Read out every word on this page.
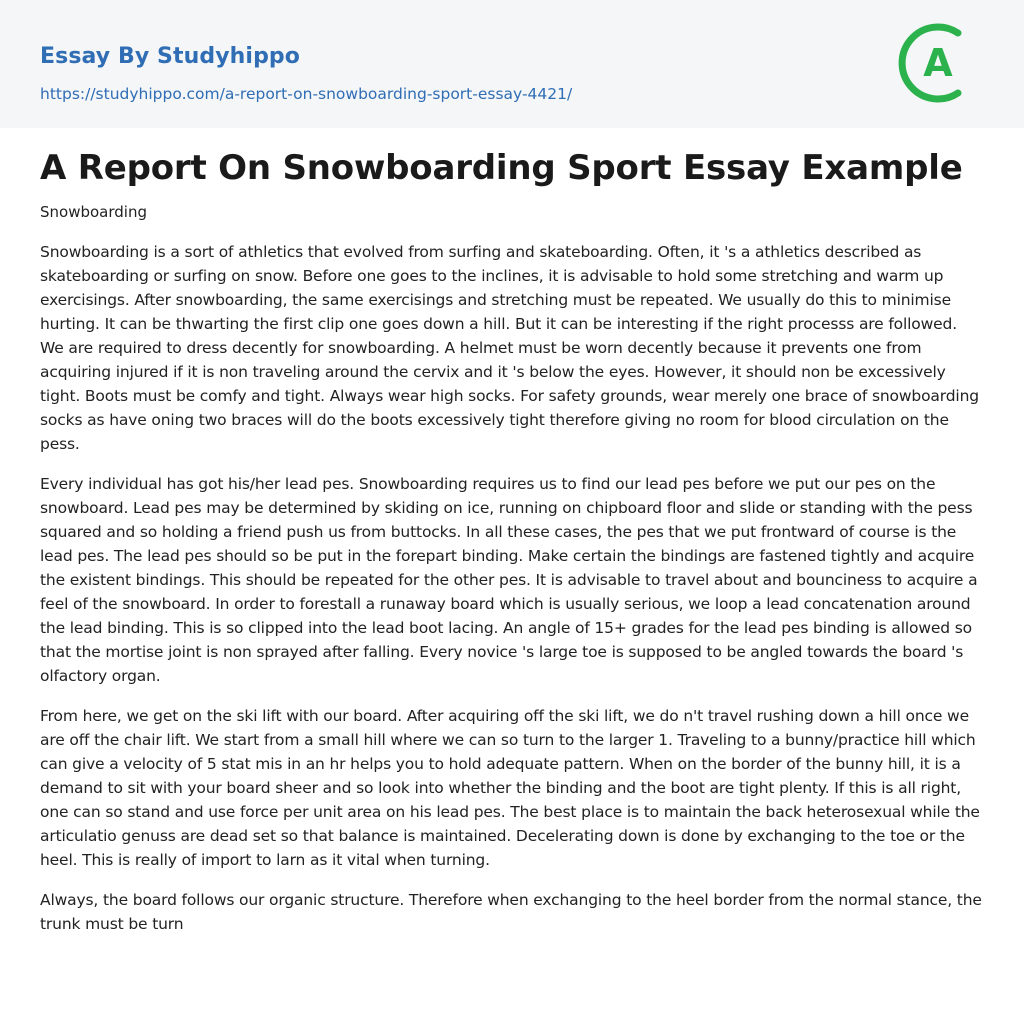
Essay By Studyhippo
https://studyhippo.com/a-report-on-snowboarding-sport-essay-4421/
A
A Report On Snowboarding Sport Essay Example
Snowboarding

Snowboarding is a sort of athletics that evolved from surfing and skateboarding. Often, it 's a athletics described as skateboarding or surfing on snow. Before one goes to the inclines, it is advisable to hold some stretching and warm up exercisings. After snowboarding, the same exercisings and stretching must be repeated. We usually do this to minimise hurting. It can be thwarting the first clip one goes down a hill. But it can be interesting if the right processs are followed. We are required to dress decently for snowboarding. A helmet must be worn decently because it prevents one from acquiring injured if it is non traveling around the cervix and it 's below the eyes. However, it should non be excessively tight. Boots must be comfy and tight. Always wear high socks. For safety grounds, wear merely one brace of snowboarding socks as have oning two braces will do the boots excessively tight therefore giving no room for blood circulation on the pess.

Every individual has got his/her lead pes. Snowboarding requires us to find our lead pes before we put our pes on the snowboard. Lead pes may be determined by skiding on ice, running on chipboard floor and slide or standing with the pess squared and so holding a friend push us from buttocks. In all these cases, the pes that we put frontward of course is the lead pes. The lead pes should so be put in the forepart binding. Make certain the bindings are fastened tightly and acquire the existent bindings. This should be repeated for the other pes. It is advisable to travel about and bounciness to acquire a feel of the snowboard. In order to forestall a runaway board which is usually serious, we loop a lead concatenation around the lead binding. This is so clipped into the lead boot lacing. An angle of 15+ grades for the lead pes binding is allowed so that the mortise joint is non sprayed after falling. Every novice 's large toe is supposed to be angled towards the board 's olfactory organ.

From here, we get on the ski lift with our board. After acquiring off the ski lift, we do n't travel rushing down a hill once we are off the chair lift. We start from a small hill where we can so turn to the larger 1. Traveling to a bunny/practice hill which can give a velocity of 5 stat mis in an hr helps you to hold adequate pattern. When on the border of the bunny hill, it is a demand to sit with your board sheer and so look into whether the binding and the boot are tight plenty. If this is all right, one can so stand and use force per unit area on his lead pes. The best place is to maintain the back heterosexual while the articulatio genuss are dead set so that balance is maintained. Decelerating down is done by exchanging to the toe or the heel. This is really of import to larn as it vital when turning.

Always, the board follows our organic structure. Therefore when exchanging to the heel border from the normal stance, the trunk must be turn
